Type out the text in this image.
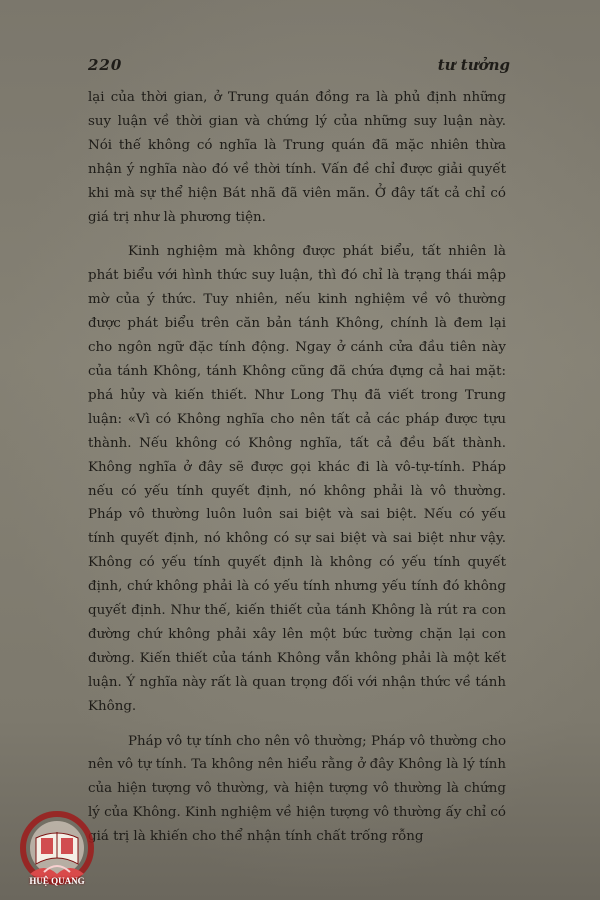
220	tư tưởng

lại của thời gian, ở Trung quán đồng ra là phủ định những suy luận về thời gian và chứng lý của những suy luận này. Nói thế không có nghĩa là Trung quán đã mặc nhiên thừa nhận ý nghĩa nào đó về thời tính. Vấn đề chỉ được giải quyết khi mà sự thể hiện Bát nhã đã viên mãn. Ở đây tất cả chỉ có giá trị như là phương tiện.

Kinh nghiệm mà không được phát biểu, tất nhiên là phát biểu với hình thức suy luận, thì đó chỉ là trạng thái mập mờ của ý thức. Tuy nhiên, nếu kinh nghiệm về vô thường được phát biểu trên căn bản tánh Không, chính là đem lại cho ngôn ngữ đặc tính động. Ngay ở cánh cửa đầu tiên này của tánh Không, tánh Không cũng đã chứa đựng cả hai mặt: phá hủy và kiến thiết. Như Long Thụ đã viết trong Trung luận: «Vì có Không nghĩa cho nên tất cả các pháp được tựu thành. Nếu không có Không nghĩa, tất cả đều bất thành. Không nghĩa ở đây sẽ được gọi khác đi là vô-tự-tính. Pháp nếu có yếu tính quyết định, nó không phải là vô thường. Pháp vô thường luôn luôn sai biệt và sai biệt. Nếu có yếu tính quyết định, nó không có sự sai biệt và sai biệt như vậy. Không có yếu tính quyết định là không có yếu tính quyết định, chứ không phải là có yếu tính nhưng yếu tính đó không quyết định. Như thế, kiến thiết của tánh Không là rút ra con đường chứ không phải xây lên một bức tường chặn lại con đường. Kiến thiết của tánh Không vẫn không phải là một kết luận. Ý nghĩa này rất là quan trọng đối với nhận thức về tánh Không.

Pháp vô tự tính cho nên vô thường; Pháp vô thường cho nên vô tự tính. Ta không nên hiểu rằng ở đây Không là lý tính của hiện tượng vô thường, và hiện tượng vô thường là chứng lý của Không. Kinh nghiệm về hiện tượng vô thường ấy chỉ có giá trị là khiến cho thể nhận tính chất trống rỗng

HUỆ QUANG
